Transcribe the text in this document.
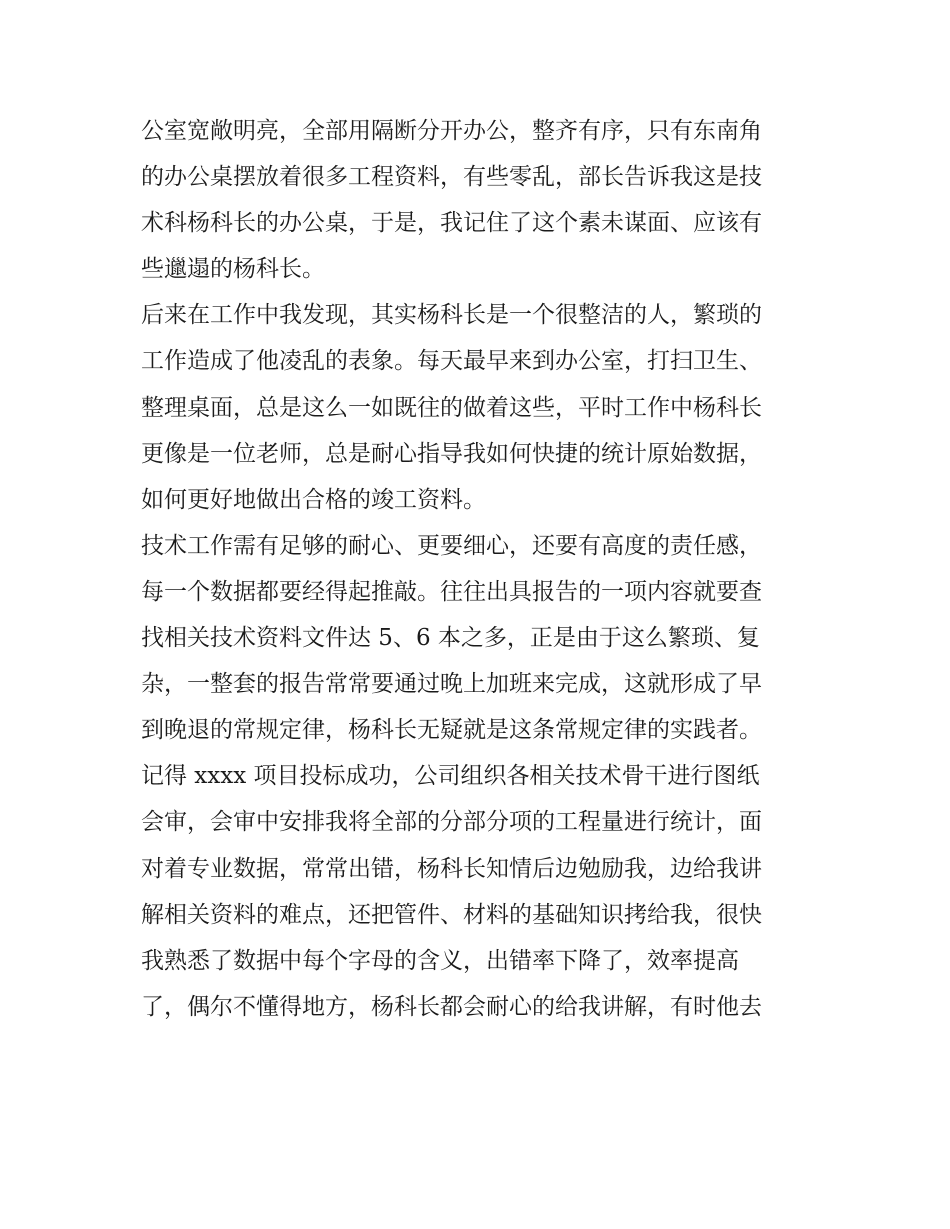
公室宽敞明亮，全部用隔断分开办公，整齐有序，只有东南角
的办公桌摆放着很多工程资料，有些零乱，部长告诉我这是技
术科杨科长的办公桌，于是，我记住了这个素未谋面、应该有
些邋遢的杨科长。
后来在工作中我发现，其实杨科长是一个很整洁的人，繁琐的
工作造成了他凌乱的表象。每天最早来到办公室，打扫卫生、
整理桌面，总是这么一如既往的做着这些，平时工作中杨科长
更像是一位老师，总是耐心指导我如何快捷的统计原始数据，
如何更好地做出合格的竣工资料。
技术工作需有足够的耐心、更要细心，还要有高度的责任感，
每一个数据都要经得起推敲。往往出具报告的一项内容就要查
找相关技术资料文件达 5、6 本之多，正是由于这么繁琐、复
杂，一整套的报告常常要通过晚上加班来完成，这就形成了早
到晚退的常规定律，杨科长无疑就是这条常规定律的实践者。
记得 xxxx 项目投标成功，公司组织各相关技术骨干进行图纸
会审，会审中安排我将全部的分部分项的工程量进行统计，面
对着专业数据，常常出错，杨科长知情后边勉励我，边给我讲
解相关资料的难点，还把管件、材料的基础知识拷给我，很快
我熟悉了数据中每个字母的含义，出错率下降了，效率提高
了，偶尔不懂得地方，杨科长都会耐心的给我讲解，有时他去
